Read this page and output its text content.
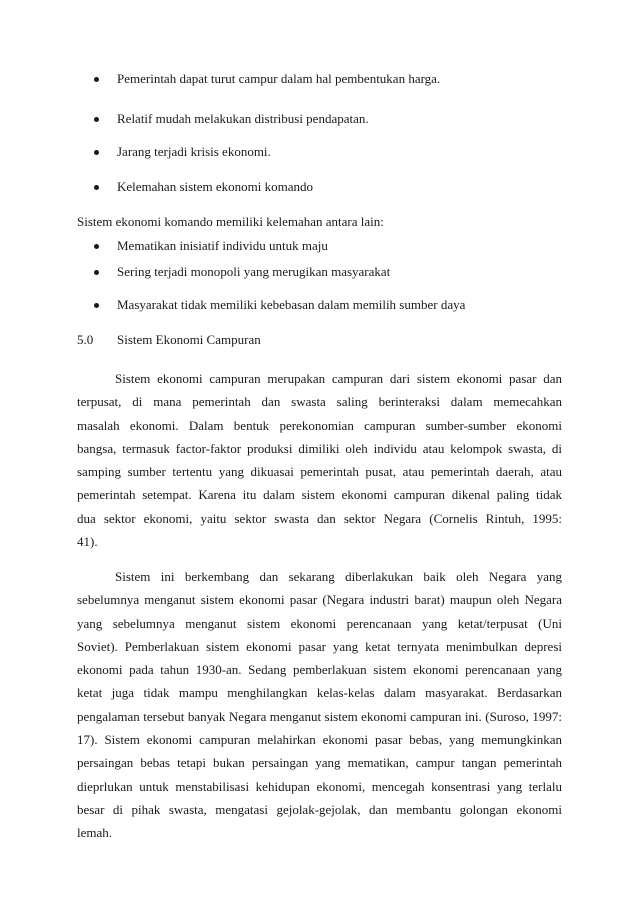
Pemerintah dapat turut campur dalam hal pembentukan harga.
Relatif mudah melakukan distribusi pendapatan.
Jarang terjadi krisis ekonomi.
Kelemahan sistem ekonomi komando
Sistem ekonomi komando memiliki kelemahan antara lain:
Mematikan inisiatif individu untuk maju
Sering terjadi monopoli yang merugikan masyarakat
Masyarakat tidak memiliki kebebasan dalam memilih sumber daya
5.0 Sistem Ekonomi Campuran
Sistem ekonomi campuran merupakan campuran dari sistem ekonomi pasar dan
terpusat, di mana pemerintah dan swasta saling berinteraksi dalam memecahkan
masalah ekonomi. Dalam bentuk perekonomian campuran sumber-sumber ekonomi
bangsa, termasuk factor-faktor produksi dimiliki oleh individu atau kelompok swasta, di
samping sumber tertentu yang dikuasai pemerintah pusat, atau pemerintah daerah, atau
pemerintah setempat. Karena itu dalam sistem ekonomi campuran dikenal paling tidak
dua sektor ekonomi, yaitu sektor swasta dan sektor Negara (Cornelis Rintuh, 1995:
41).
Sistem ini berkembang dan sekarang diberlakukan baik oleh Negara yang
sebelumnya menganut sistem ekonomi pasar (Negara industri barat) maupun oleh Negara
yang sebelumnya menganut sistem ekonomi perencanaan yang ketat/terpusat (Uni
Soviet). Pemberlakuan sistem ekonomi pasar yang ketat ternyata menimbulkan depresi
ekonomi pada tahun 1930-an. Sedang pemberlakuan sistem ekonomi perencanaan yang
ketat juga tidak mampu menghilangkan kelas-kelas dalam masyarakat. Berdasarkan
pengalaman tersebut banyak Negara menganut sistem ekonomi campuran ini. (Suroso, 1997:
17). Sistem ekonomi campuran melahirkan ekonomi pasar bebas, yang memungkinkan
persaingan bebas tetapi bukan persaingan yang mematikan, campur tangan pemerintah
dieprlukan untuk menstabilisasi kehidupan ekonomi, mencegah konsentrasi yang terlalu
besar di pihak swasta, mengatasi gejolak-gejolak, dan membantu golongan ekonomi
lemah.
